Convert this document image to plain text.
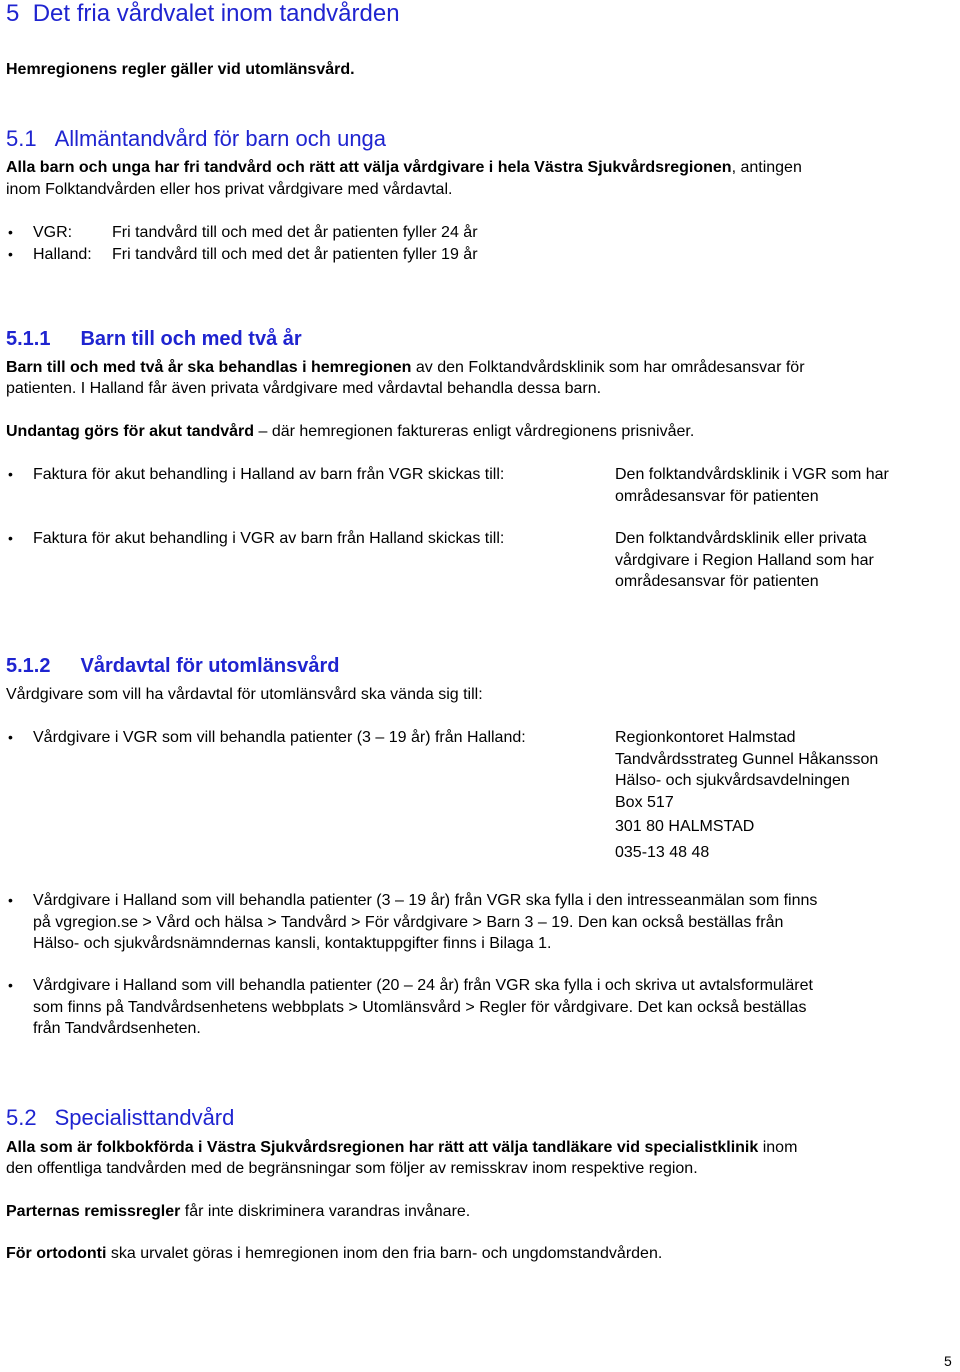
5 Det fria vårdvalet inom tandvården
Hemregionens regler gäller vid utomlänsvård.
5.1 Allmäntandvård för barn och unga
Alla barn och unga har fri tandvård och rätt att välja vårdgivare i hela Västra Sjukvårdsregionen, antingen
inom Folktandvården eller hos privat vårdgivare med vårdavtal.
• VGR: Fri tandvård till och med det år patienten fyller 24 år
• Halland: Fri tandvård till och med det år patienten fyller 19 år
5.1.1 Barn till och med två år
Barn till och med två år ska behandlas i hemregionen av den Folktandvårdsklinik som har områdesansvar för
patienten. I Halland får även privata vårdgivare med vårdavtal behandla dessa barn.
Undantag görs för akut tandvård – där hemregionen faktureras enligt vårdregionens prisnivåer.
• Faktura för akut behandling i Halland av barn från VGR skickas till:	Den folktandvårdsklinik i VGR som har
områdesansvar för patienten
• Faktura för akut behandling i VGR av barn från Halland skickas till:	Den folktandvårdsklinik eller privata
vårdgivare i Region Halland som har
områdesansvar för patienten
5.1.2 Vårdavtal för utomlänsvård
Vårdgivare som vill ha vårdavtal för utomlänsvård ska vända sig till:
• Vårdgivare i VGR som vill behandla patienter (3 – 19 år) från Halland:	Regionkontoret Halmstad
Tandvårdsstrateg Gunnel Håkansson
Hälso- och sjukvårdsavdelningen
Box 517
301 80 HALMSTAD
035-13 48 48
• Vårdgivare i Halland som vill behandla patienter (3 – 19 år) från VGR ska fylla i den intresseanmälan som finns
på vgregion.se > Vård och hälsa > Tandvård > För vårdgivare > Barn 3 – 19. Den kan också beställas från
Hälso- och sjukvårdsnämndernas kansli, kontaktuppgifter finns i Bilaga 1.
• Vårdgivare i Halland som vill behandla patienter (20 – 24 år) från VGR ska fylla i och skriva ut avtalsformuläret
som finns på Tandvårdsenhetens webbplats > Utomlänsvård > Regler för vårdgivare. Det kan också beställas
från Tandvårdsenheten.
5.2 Specialisttandvård
Alla som är folkbokförda i Västra Sjukvårdsregionen har rätt att välja tandläkare vid specialistklinik inom
den offentliga tandvården med de begränsningar som följer av remisskrav inom respektive region.
Parternas remissregler får inte diskriminera varandras invånare.
För ortodonti ska urvalet göras i hemregionen inom den fria barn- och ungdomstandvården.
5
